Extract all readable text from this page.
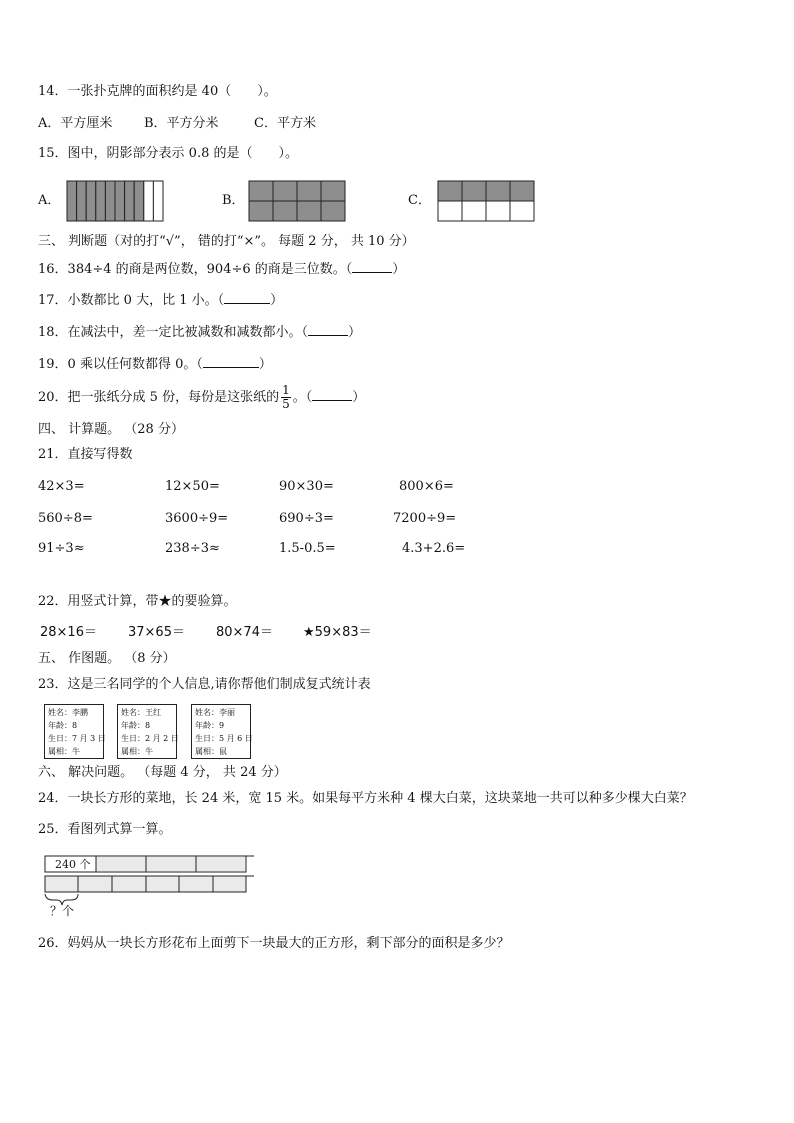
14．一张扑克牌的面积约是 40（　　）。
A．平方厘米 B．平方分米	C．平方米
15．图中，阴影部分表示 0.8 的是（　　）。
A．	B．	C．
三、 判断题（对的打“√”， 错的打“×”。 每题 2 分， 共 10 分）
16．384÷4 的商是两位数，904÷6 的商是三位数。（	）
17．小数都比 0 大，比 1 小。（	）
18．在减法中，差一定比被减数和减数都小。（	）
19．0 乘以任何数都得 0。（	）
20．把一张纸分成 5 份，每份是这张纸的 $\frac{1}{5}$ 。（	）
四、 计算题。 （28 分）
21．直接写得数
42×3=	12×50=	90×30=	800×6=
560÷8=	3600÷9=	690÷3=	7200÷9=
91÷3≈	238÷3≈	1.5-0.5=	4.3+2.6=
22．用竖式计算，带★的要验算。
28×16＝ 37×65＝ 80×74＝ ★59×83＝
五、 作图题。 （8 分）
23．这是三名同学的个人信息,请你帮他们制成复式统计表
姓名：李鹏
年龄：8
生日：7 月 3 日
属相：牛
姓名：王红
年龄：8
生日：2 月 2 日
属相：牛
姓名：李丽
年龄：9
生日：5 月 6 日
属相：鼠
六、 解决问题。 （每题 4 分， 共 24 分）
24．一块长方形的菜地，长 24 米，宽 15 米。如果每平方米种 4 棵大白菜，这块菜地一共可以种多少棵大白菜？
25．看图列式算一算。
240 个
？个
26．妈妈从一块长方形花布上面剪下一块最大的正方形，剩下部分的面积是多少？
